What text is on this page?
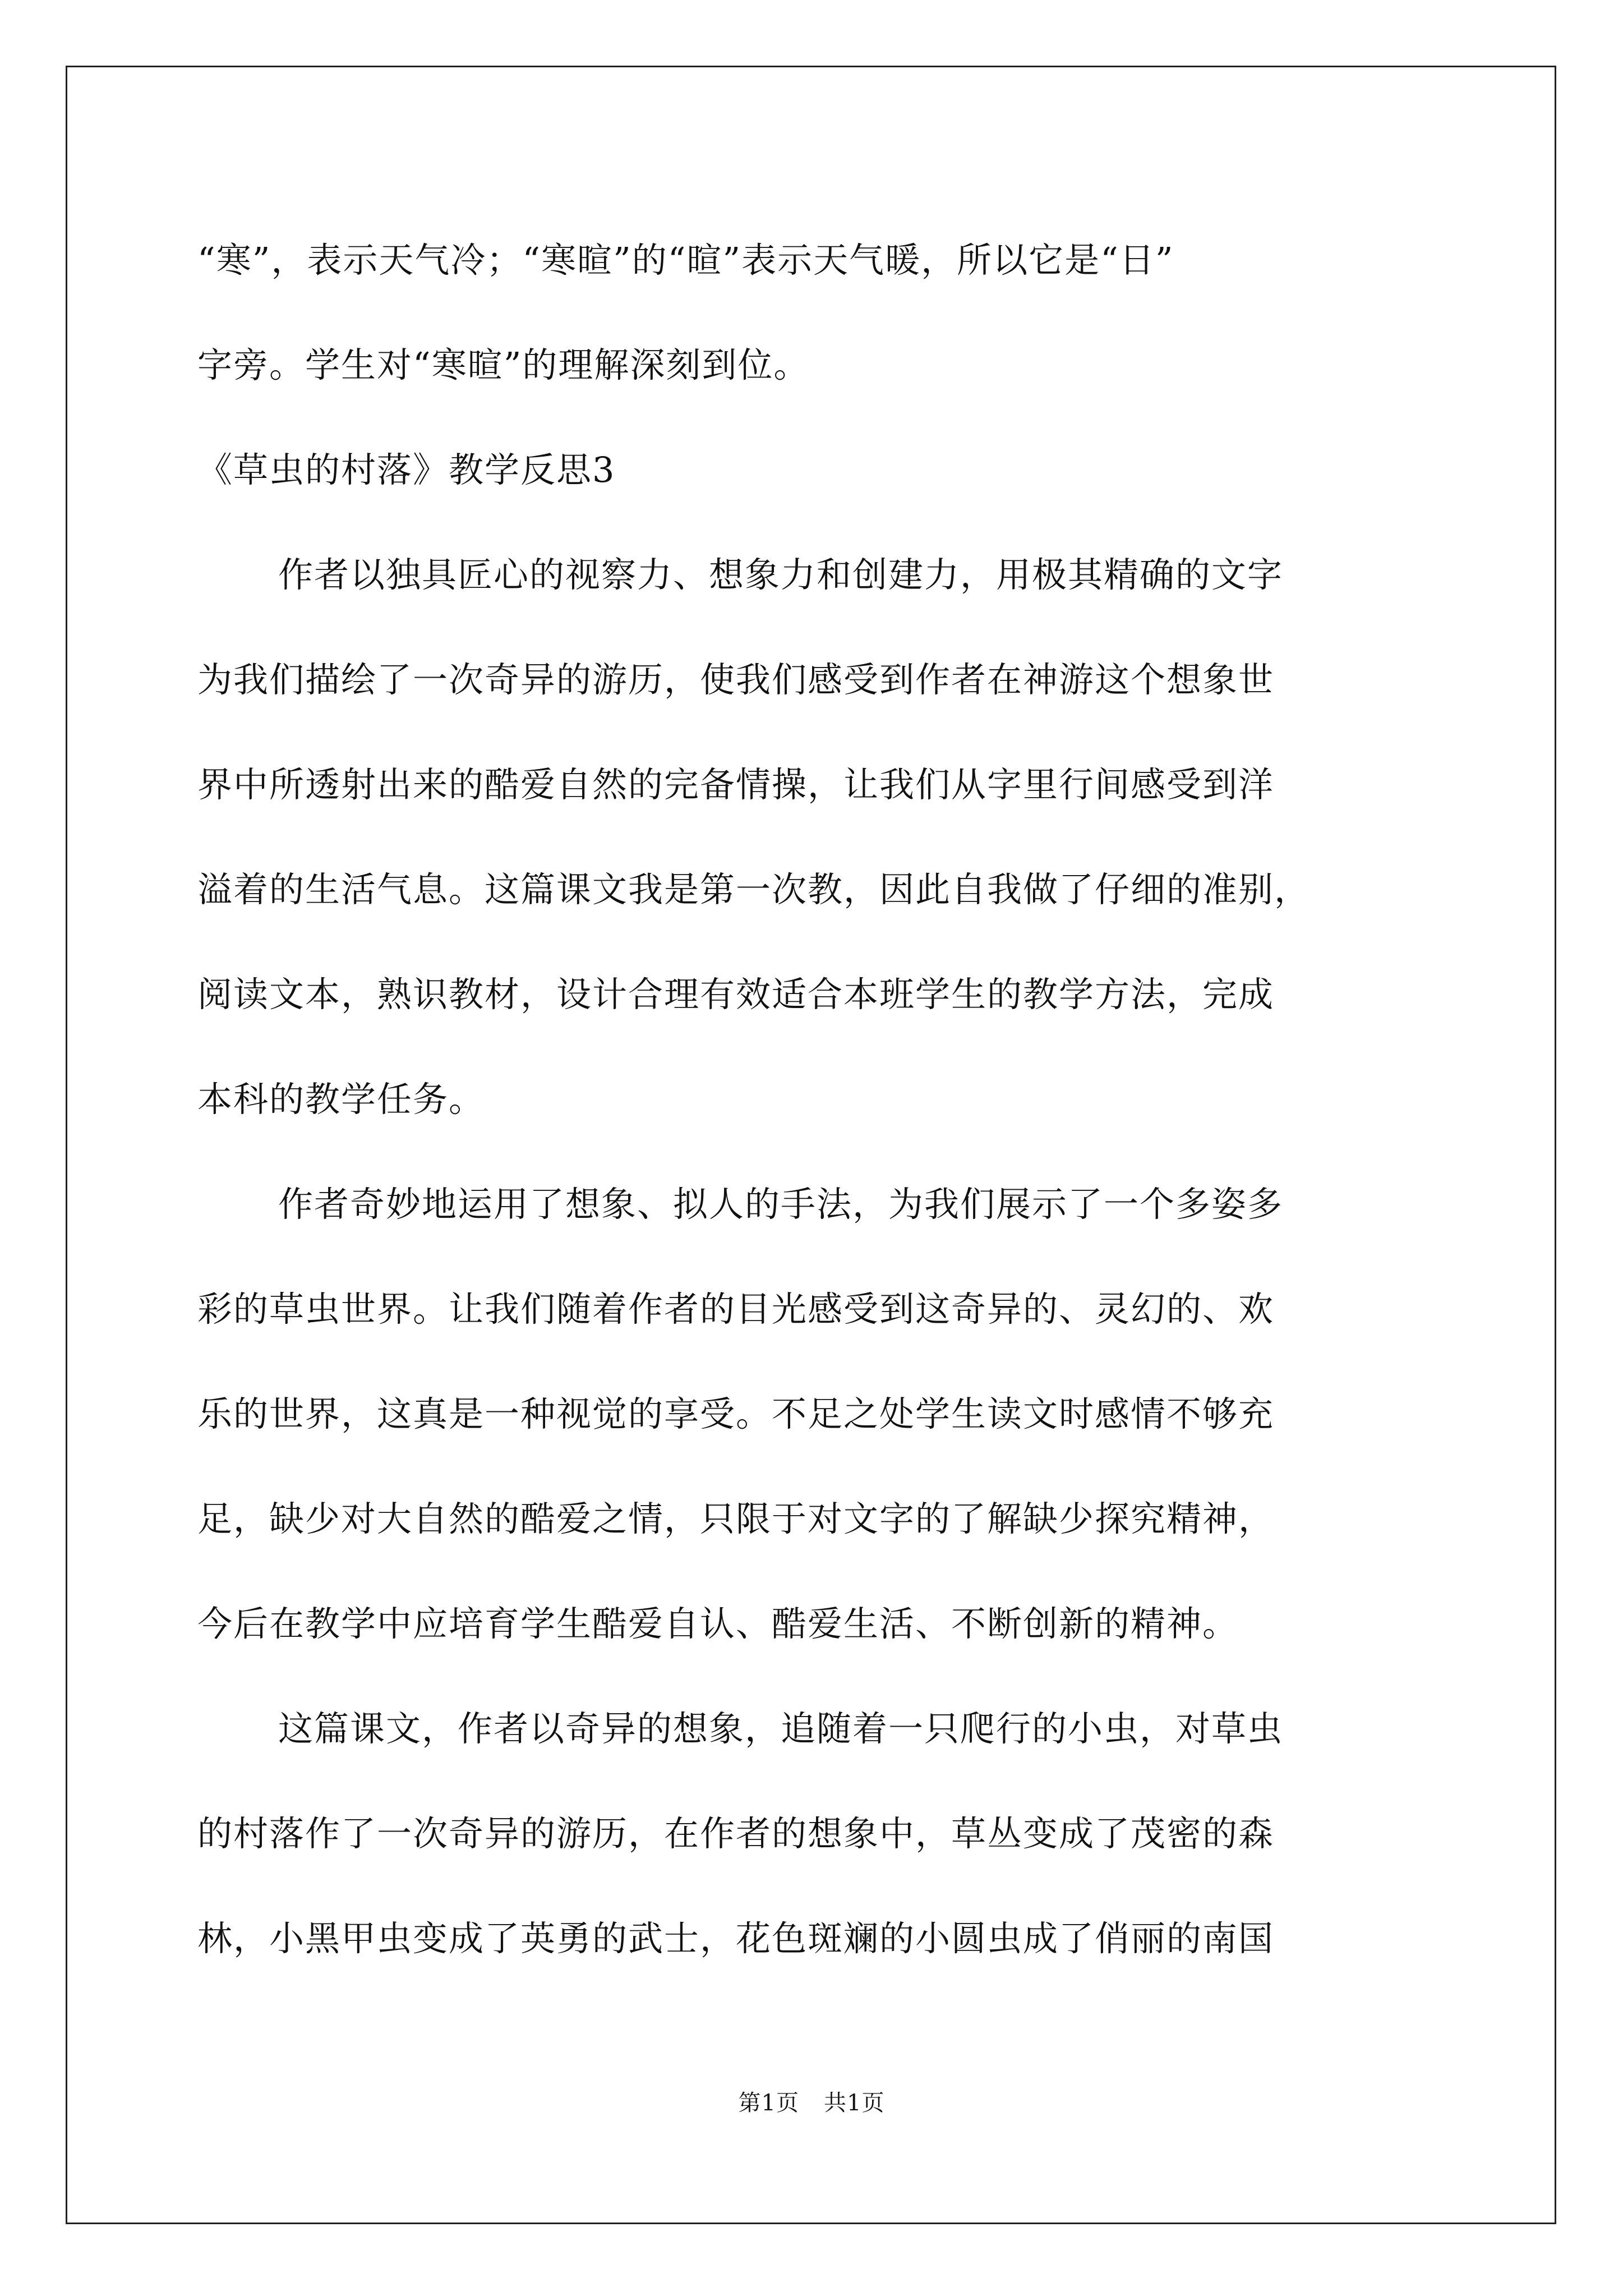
“寒”，表示天气冷；“寒暄”的“暄”表示天气暖，所以它是“日”

字旁。学生对“寒暄”的理解深刻到位。

《草虫的村落》教学反思3

作者以独具匠心的视察力、想象力和创建力，用极其精确的文字

为我们描绘了一次奇异的游历，使我们感受到作者在神游这个想象世

界中所透射出来的酷爱自然的完备情操，让我们从字里行间感受到洋

溢着的生活气息。这篇课文我是第一次教，因此自我做了仔细的准别，

阅读文本，熟识教材，设计合理有效适合本班学生的教学方法，完成

本科的教学任务。

作者奇妙地运用了想象、拟人的手法，为我们展示了一个多姿多

彩的草虫世界。让我们随着作者的目光感受到这奇异的、灵幻的、欢

乐的世界，这真是一种视觉的享受。不足之处学生读文时感情不够充

足，缺少对大自然的酷爱之情，只限于对文字的了解缺少探究精神，

今后在教学中应培育学生酷爱自认、酷爱生活、不断创新的精神。

这篇课文，作者以奇异的想象，追随着一只爬行的小虫，对草虫

的村落作了一次奇异的游历，在作者的想象中，草丛变成了茂密的森

林，小黑甲虫变成了英勇的武士，花色斑斓的小圆虫成了俏丽的南国

第1页 共1页
